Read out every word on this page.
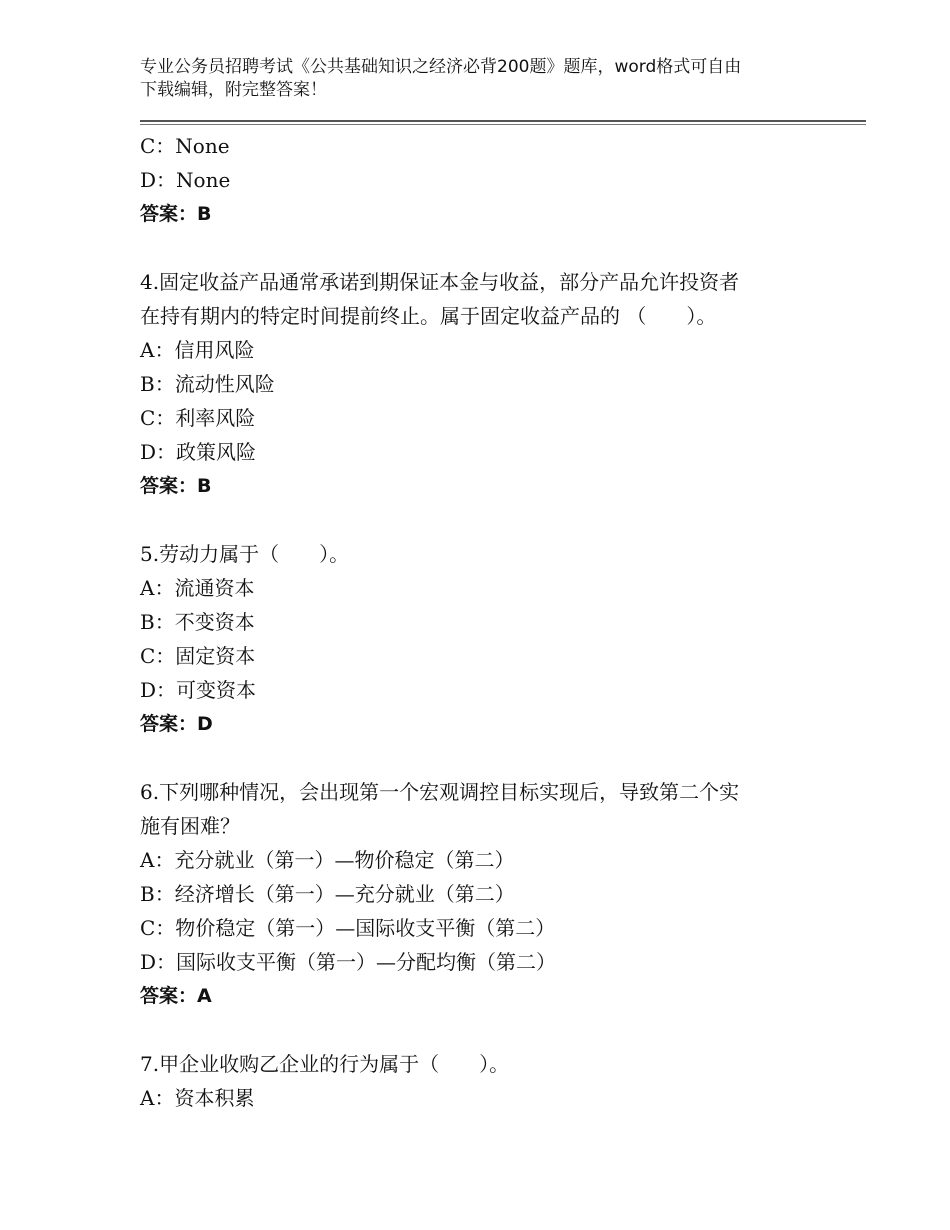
专业公务员招聘考试《公共基础知识之经济必背200题》题库，word格式可自由
下载编辑，附完整答案！
C：None
D：None
答案：B
4.固定收益产品通常承诺到期保证本金与收益，部分产品允许投资者
在持有期内的特定时间提前终止。属于固定收益产品的 （　　）。
A：信用风险
B：流动性风险
C：利率风险
D：政策风险
答案：B
5.劳动力属于（　　）。
A：流通资本
B：不变资本
C：固定资本
D：可变资本
答案：D
6.下列哪种情况，会出现第一个宏观调控目标实现后，导致第二个实
施有困难？
A：充分就业（第一）—物价稳定（第二）
B：经济增长（第一）—充分就业（第二）
C：物价稳定（第一）—国际收支平衡（第二）
D：国际收支平衡（第一）—分配均衡（第二）
答案：A
7.甲企业收购乙企业的行为属于（　　）。
A：资本积累
